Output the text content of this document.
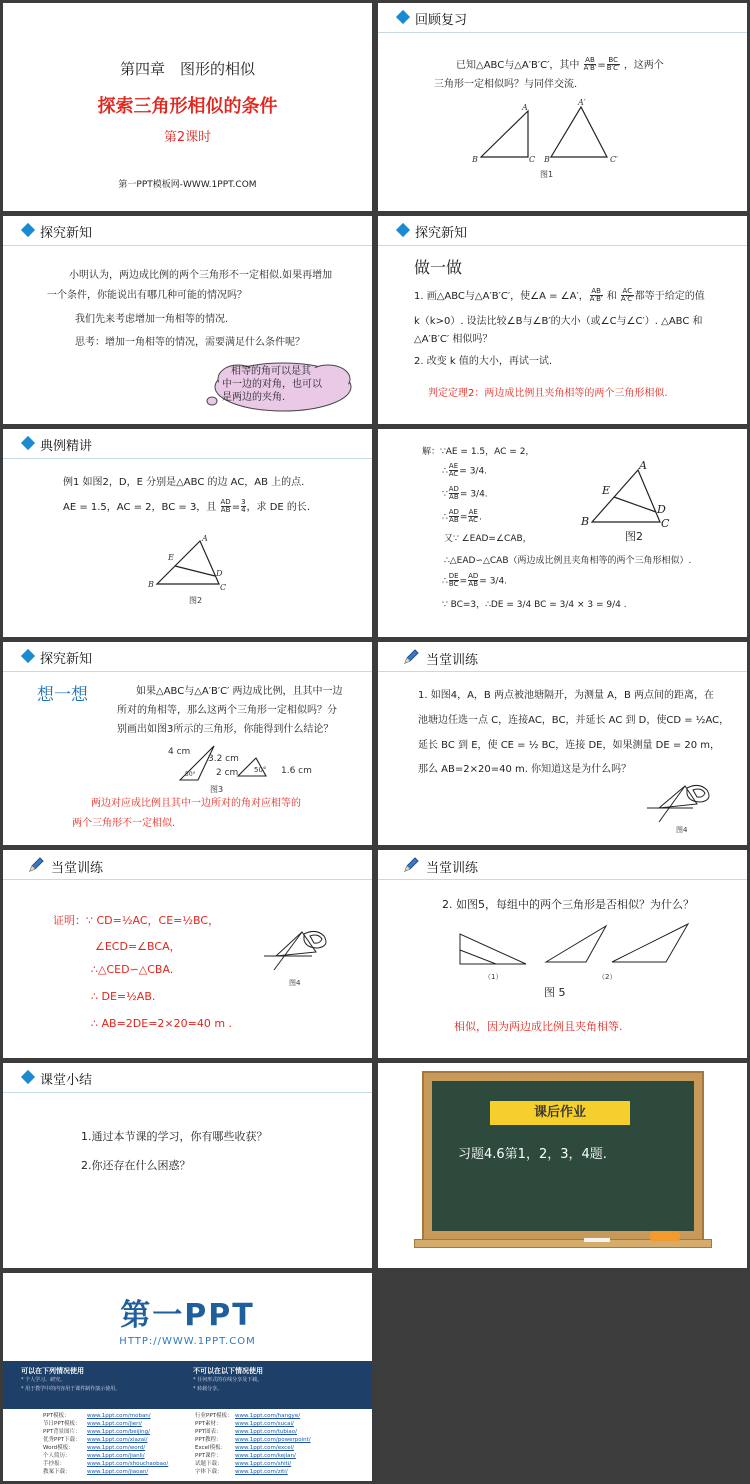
第四章　图形的相似
探索三角形相似的条件
第2课时
第一PPT模板网-WWW.1PPT.COM
回顾复习
已知△ABC与△A′B′C′，其中 $\frac{AB}{A'B'} = \frac{BC}{B'C'}$ ，这两个
三角形一定相似吗？与同伴交流.
A
B	C
A′
B′	C′
图1
探究新知
小明认为，两边成比例的两个三角形不一定相似.如果再增加
一个条件，你能说出有哪几种可能的情况吗？
我们先来考虑增加一角相等的情况.
思考：增加一角相等的情况，需要满足什么条件呢？
相等的角可以是其
中一边的对角，也可以
是两边的夹角.
探究新知
做一做
1. 画△ABC与△A′B′C′，使∠A = ∠A′， $\frac{AB}{A'B'}$ 和 $\frac{AC}{A'C'}$ 都等于给定的值
k（k>0）. 设法比较∠B与∠B′的大小（或∠C与∠C′）. △ABC 和
△A′B′C′ 相似吗？
2. 改变 k 值的大小，再试一试.
判定定理2：两边成比例且夹角相等的两个三角形相似.
典例精讲
例1 如图2，D，E 分别是△ABC 的边 AC，AB 上的点.
AE = 1.5，AC = 2，BC = 3，且 $\frac{AD}{AB} = \frac{3}{4}$ ，求 DE 的长.
A
B	C
D
E
图2
解：∵AE = 1.5，AC = 2，
∴ $\frac{AE}{AC} = 3/4$.
∵ $\frac{AD}{AB} = 3/4$.
∴ $\frac{AD}{AB} = \frac{AE}{AC}$ .
又∵ ∠EAD=∠CAB，
∴△EAD∽△CAB（两边成比例且夹角相等的两个三角形相似）.
∴ $\frac{DE}{BC} = \frac{AD}{AB} = 3/4$.
∵ BC=3，∴DE = 3/4 BC = 3/4 × 3 = 9/4 .
A
B	C
D
E
图2
探究新知
想一想	如果△ABC与△A′B′C′ 两边成比例，且其中一边
所对的角相等，那么这两个三角形一定相似吗？分
别画出如图3所示的三角形，你能得到什么结论？
4 cm
3.2 cm
2 cm	1.6 cm
50°
50°
图3
两边对应成比例且其中一边所对的角对应相等的
两个三角形不一定相似.
当堂训练
1. 如图4，A，B 两点被池塘隔开，为测量 A，B 两点间的距离，在
池塘边任选一点 C，连接AC，BC，并延长 AC 到 D，使CD = ½AC，
延长 BC 到 E，使 CE = ½ BC，连接 DE，如果测量 DE = 20 m，
那么 AB=2×20=40 m. 你知道这是为什么吗？
图4
当堂训练
证明：∵ CD=½AC，CE=½BC，
∠ECD=∠BCA，
∴△CED∽△CBA.
∴ DE=½AB.
∴ AB=2DE=2×20=40 m .
图4
当堂训练
2. 如图5，每组中的两个三角形是否相似？为什么？
（1）	（2）
图 5
相似，因为两边成比例且夹角相等.
课堂小结
1.通过本节课的学习，你有哪些收获？
2.你还存在什么困惑？
课后作业
习题4.6第1，2，3，4题.
第一PPT
HTTP://WWW.1PPT.COM
可以在下列情况使用
* 个人学习、研究。
* 用于教学中的内容用于课件制作演示使用。
不可以在以下情况使用
* 任何形式的在线分享及下载。
* 转载分享。
PPT模板：	www.1ppt.com/moban/
节日PPT模板： www.1ppt.com/jieri/
PPT背景图片： www.1ppt.com/beijing/
优秀PPT下载： www.1ppt.com/xiazai/
Word模板： www.1ppt.com/word/
个人简历：	www.1ppt.com/jianli/
手抄报：	www.1ppt.com/shouchaobao/
教案下载：	www.1ppt.com/jiaoan/
行业PPT模板： www.1ppt.com/hangye/
PPT素材： www.1ppt.com/sucai/
PPT图表： www.1ppt.com/tubiao/
PPT教程： www.1ppt.com/powerpoint/
Excel模板： www.1ppt.com/excel/
PPT课件： www.1ppt.com/kejian/
试题下载： www.1ppt.com/shiti/
字体下载： www.1ppt.com/ziti/
